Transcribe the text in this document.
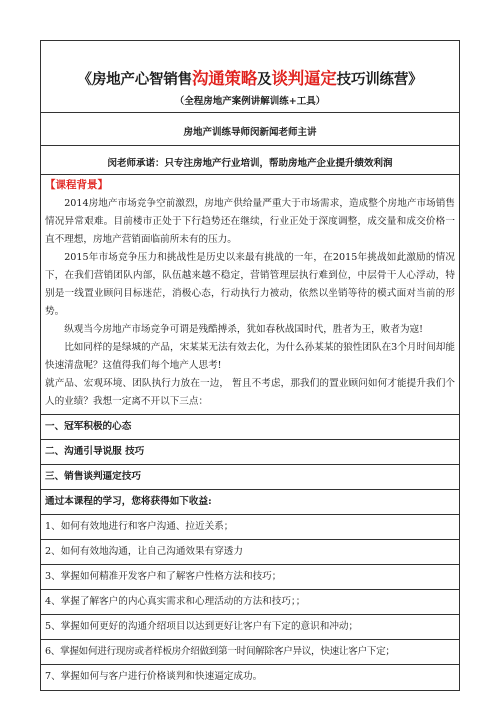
《房地产心智销售沟通策略及谈判逼定技巧训练营》
（全程房地产案例讲解训练+工具）
房地产训练导师闵新闻老师主讲
闵老师承诺：只专注房地产行业培训，帮助房地产企业提升绩效利润
【课程背景】

2014房地产市场竞争空前激烈，房地产供给量严重大于市场需求，造成整个房地产市场销售情况异常艰难。目前楼市正处于下行趋势还在继续，行业正处于深度调整，成交量和成交价格一直不理想，房地产营销面临前所未有的压力。

2015年市场竞争压力和挑战性是历史以来最有挑战的一年，在2015年挑战如此激励的情况下，在我们营销团队内部，队伍越来越不稳定，营销管理层执行难到位，中层骨干人心浮动，特别是一线置业顾问目标迷茫，消极心态，行动执行力被动，依然以坐销等待的模式面对当前的形势。

纵观当今房地产市场竞争可谓是残酷搏杀，犹如春秋战国时代，胜者为王，败者为寇!

比如同样的是绿城的产品，宋某某无法有效去化，为什么孙某某的狼性团队在3个月时间却能快速清盘呢？这值得我们每个地产人思考!

就产品、宏观环境、团队执行力放在一边， 暂且不考虑，那我们的置业顾问如何才能提升我们个人的业绩？我想一定离不开以下三点：

一、冠军积极的心态

二、沟通引导说服 技巧

三、销售谈判逼定技巧

通过本课程的学习，您将获得如下收益:

1、如何有效地进行和客户沟通、拉近关系；

2、如何有效地沟通，让自己沟通效果有穿透力

3、掌握如何精准开发客户和了解客户性格方法和技巧；

4、掌握了解客户的内心真实需求和心理活动的方法和技巧；；

5、掌握如何更好的沟通介绍项目以达到更好让客户有下定的意识和冲动；

6、掌握如何进行现房或者样板房介绍做到第一时间解除客户异议，快速让客户下定；

7、掌握如何与客户进行价格谈判和快速逼定成功。
